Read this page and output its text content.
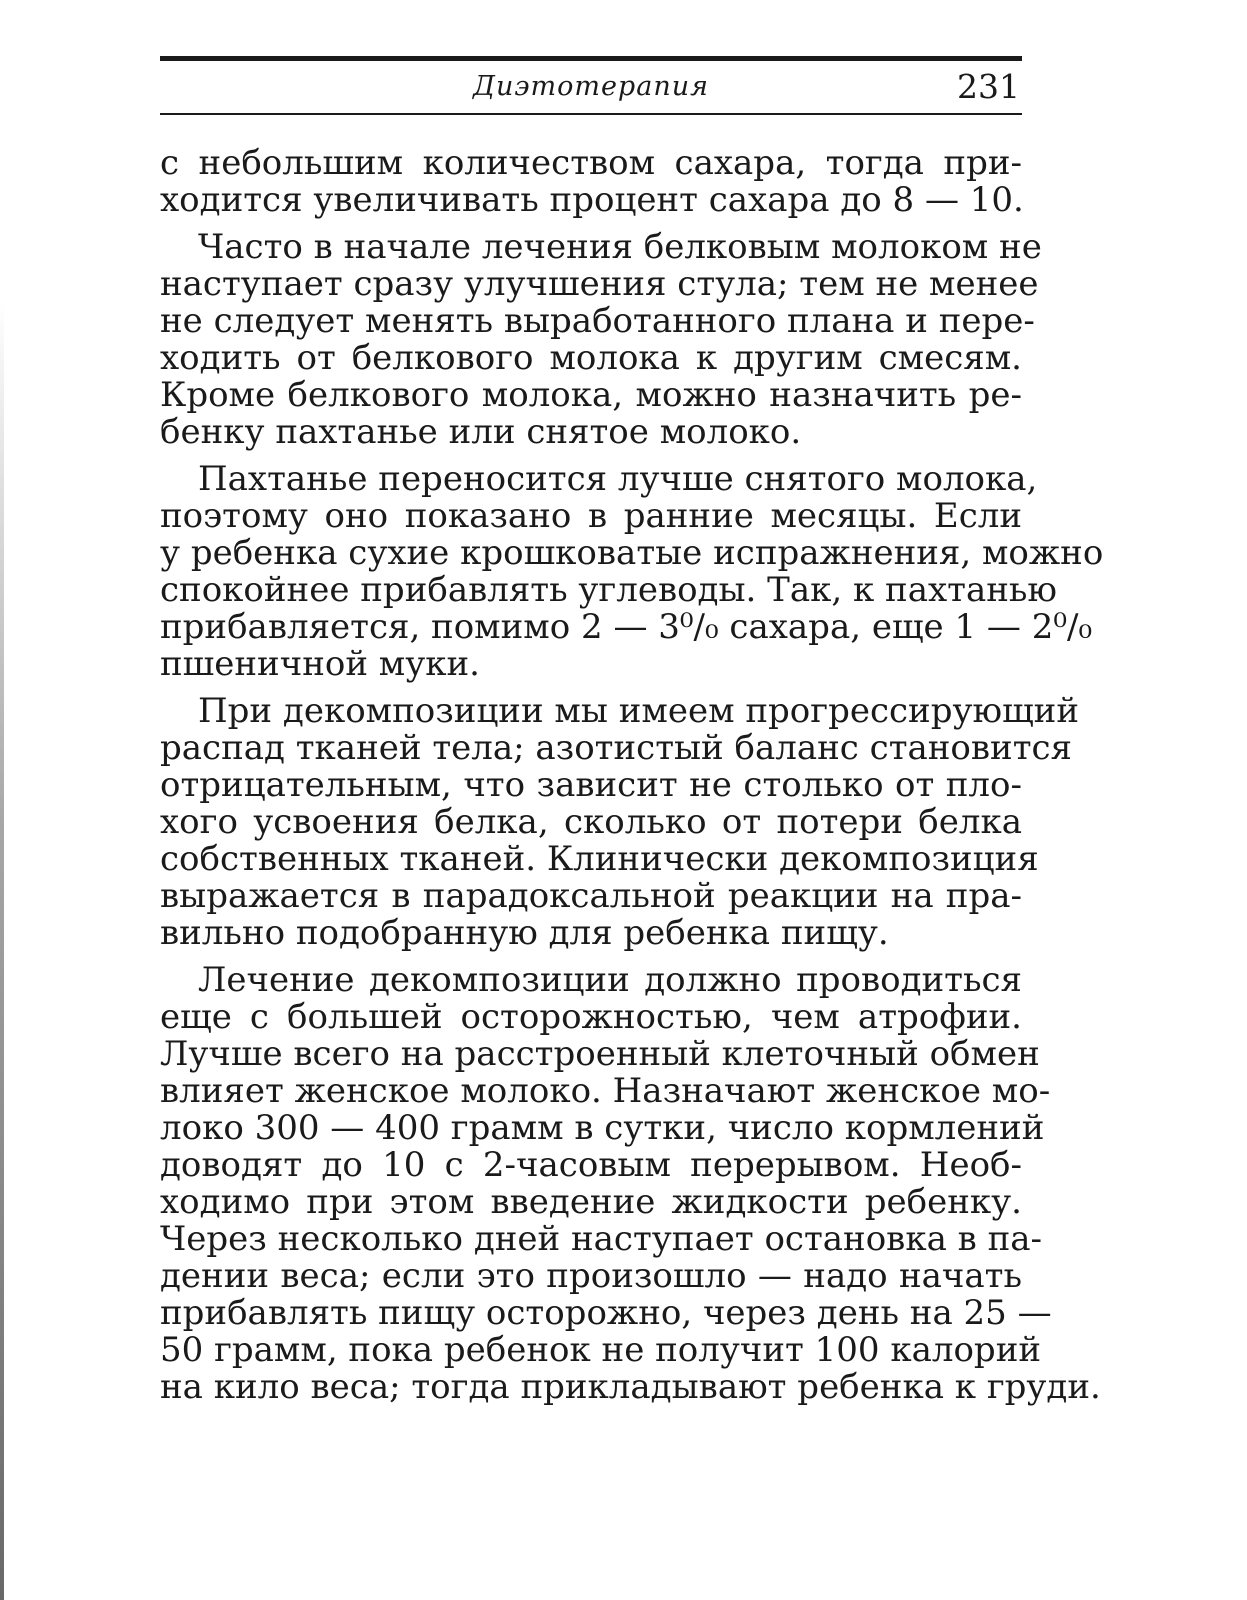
Диэтотерапия	231
с небольшим количеством сахара, тогда при-
ходится увеличивать процент сахара до 8 — 10.
Часто в начале лечения белковым молоком не
наступает сразу улучшения стула; тем не менее
не следует менять выработанного плана и пере-
ходить от белкового молока к другим смесям.
Кроме белкового молока, можно назначить ре-
бенку пахтанье или снятое молоко.
Пахтанье переносится лучше снятого молока,
поэтому оно показано в ранние месяцы. Если
у ребенка сухие крошковатые испражнения, можно
спокойнее прибавлять углеводы. Так, к пахтанью
прибавляется, помимо 2 — 3⁰/₀ сахара, еще 1 — 2⁰/₀
пшеничной муки.
При декомпозиции мы имеем прогрессирующий
распад тканей тела; азотистый баланс становится
отрицательным, что зависит не столько от пло-
хого усвоения белка, сколько от потери белка
собственных тканей. Клинически декомпозиция
выражается в парадоксальной реакции на пра-
вильно подобранную для ребенка пищу.
Лечение декомпозиции должно проводиться
еще с большей осторожностью, чем атрофии.
Лучше всего на расстроенный клеточный обмен
влияет женское молоко. Назначают женское мо-
локо 300 — 400 грамм в сутки, число кормлений
доводят до 10 с 2-часовым перерывом. Необ-
ходимо при этом введение жидкости ребенку.
Через несколько дней наступает остановка в па-
дении веса; если это произошло — надо начать
прибавлять пищу осторожно, через день на 25 —
50 грамм, пока ребенок не получит 100 калорий
на кило веса; тогда прикладывают ребенка к груди.
